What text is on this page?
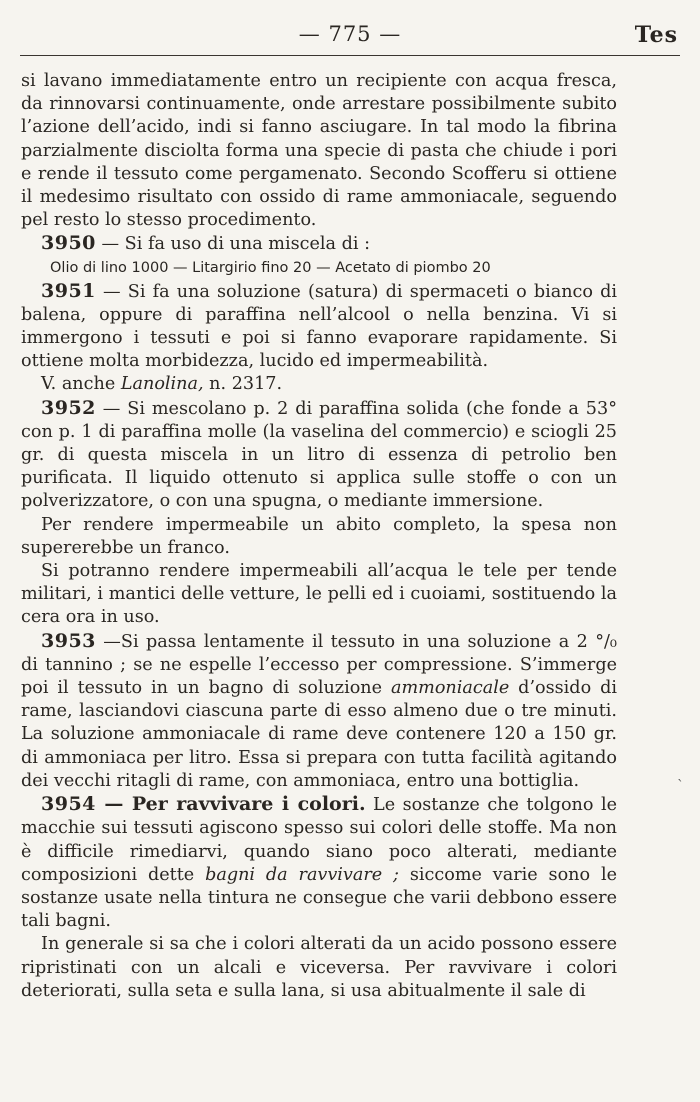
— 775 —	Tes

si lavano immediatamente entro un recipiente con acqua fresca, da rinnovarsi continuamente, onde arrestare possibilmente subito l’azione dell’acido, indi si fanno asciugare. In tal modo la fibrina parzialmente disciolta forma una specie di pasta che chiude i pori e rende il tessuto come pergamenato. Secondo Scofferu si ottiene il medesimo risultato con ossido di rame ammoniacale, seguendo pel resto lo stesso procedimento.

3950 — Si fa uso di una miscela di :

Olio di lino 1000 — Litargirio fino 20 — Acetato di piombo 20

3951 — Si fa una soluzione (satura) di spermaceti o bianco di balena, oppure di paraffina nell’alcool o nella benzina. Vi si immergono i tessuti e poi si fanno evaporare rapidamente. Si ottiene molta morbidezza, lucido ed impermeabilità.

V. anche Lanolina, n. 2317.

3952 — Si mescolano p. 2 di paraffina solida (che fonde a 53° con p. 1 di paraffina molle (la vaselina del commercio) e sciogli 25 gr. di questa miscela in un litro di essenza di petrolio ben purificata. Il liquido ottenuto si applica sulle stoffe o con un polverizzatore, o con una spugna, o mediante immersione.

Per rendere impermeabile un abito completo, la spesa non supererebbe un franco.

Si potranno rendere impermeabili all’acqua le tele per tende militari, i mantici delle vetture, le pelli ed i cuoiami, sostituendo la cera ora in uso.

3953 —Si passa lentamente il tessuto in una soluzione a 2 °/₀ di tannino ; se ne espelle l’eccesso per compressione. S’immerge poi il tessuto in un bagno di soluzione ammoniacale d’ossido di rame, lasciandovi ciascuna parte di esso almeno due o tre minuti. La soluzione ammoniacale di rame deve contenere 120 a 150 gr. di ammoniaca per litro. Essa si prepara con tutta facilità agitando dei vecchi ritagli di rame, con ammoniaca, entro una bottiglia.

3954 — Per ravvivare i colori. Le sostanze che tolgono le macchie sui tessuti agiscono spesso sui colori delle stoffe. Ma non è difficile rimediarvi, quando siano poco alterati, mediante composizioni dette bagni da ravvivare ; siccome varie sono le sostanze usate nella tintura ne consegue che varii debbono essere tali bagni.

In generale si sa che i colori alterati da un acido possono essere ripristinati con un alcali e viceversa. Per ravvivare i colori deteriorati, sulla seta e sulla lana, si usa abitualmente il sale di

`
